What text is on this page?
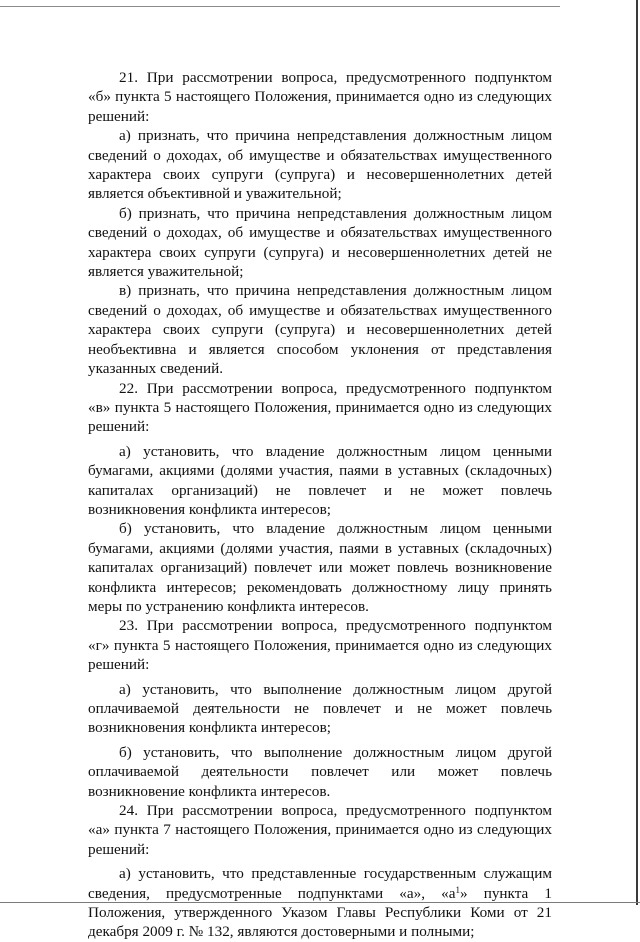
21. При рассмотрении вопроса, предусмотренного подпунктом «б» пункта 5 настоящего Положения, принимается одно из следующих решений:

а) признать, что причина непредставления должностным лицом сведений о доходах, об имуществе и обязательствах имущественного характера своих супруги (супруга) и несовершеннолетних детей является объективной и уважительной;

б) признать, что причина непредставления должностным лицом сведений о доходах, об имуществе и обязательствах имущественного характера своих супруги (супруга) и несовершеннолетних детей не является уважительной;

в) признать, что причина непредставления должностным лицом сведений о доходах, об имуществе и обязательствах имущественного характера своих супруги (супруга) и несовершеннолетних детей необъективна и является способом уклонения от представления указанных сведений.

22. При рассмотрении вопроса, предусмотренного подпунктом «в» пункта 5 настоящего Положения, принимается одно из следующих решений:

а) установить, что владение должностным лицом ценными бумагами, акциями (долями участия, паями в уставных (складочных) капиталах организаций) не повлечет и не может повлечь возникновения конфликта интересов;

б) установить, что владение должностным лицом ценными бумагами, акциями (долями участия, паями в уставных (складочных) капиталах организаций) повлечет или может повлечь возникновение конфликта интересов; рекомендовать должностному лицу принять меры по устранению конфликта интересов.

23. При рассмотрении вопроса, предусмотренного подпунктом «г» пункта 5 настоящего Положения, принимается одно из следующих решений:

а) установить, что выполнение должностным лицом другой оплачиваемой деятельности не повлечет и не может повлечь возникновения конфликта интересов;

б) установить, что выполнение должностным лицом другой оплачиваемой деятельности повлечет или может повлечь возникновение конфликта интересов.

24. При рассмотрении вопроса, предусмотренного подпунктом «а» пункта 7 настоящего Положения, принимается одно из следующих решений:

а) установить, что представленные государственным служащим сведения, предусмотренные подпунктами «а», «$а^1$» пункта 1 Положения, утвержденного Указом Главы Республики Коми от 21 декабря 2009 г. № 132, являются достоверными и полными;
